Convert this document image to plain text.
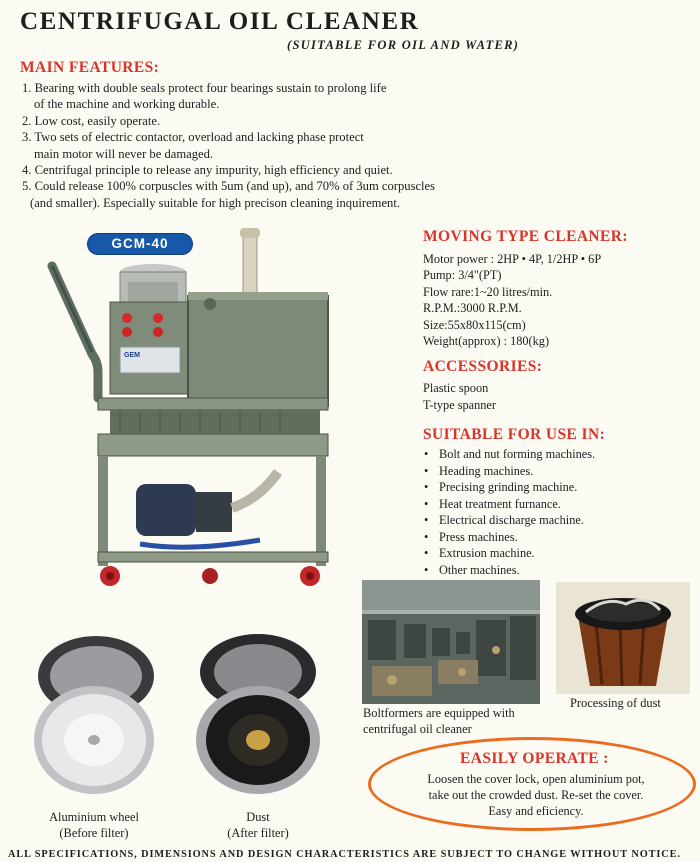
CENTRIFUGAL OIL CLEANER
(SUITABLE FOR OIL AND WATER)
MAIN FEATURES:
1. Bearing with double seals protect four bearings sustain to prolong life
of the machine and working durable.
2. Low cost, easily operate.
3. Two sets of electric contactor, overload and lacking phase protect
main motor will never be damaged.
4. Centrifugal principle to release any impurity, high efficiency and quiet.
5. Could release 100% corpuscles with 5um (and up), and 70% of 3um corpuscles
(and smaller). Especially suitable for high precison cleaning inquirement.
GCM-40
GEM
MOVING TYPE CLEANER:
Motor power : 2HP • 4P, 1/2HP • 6P
Pump: 3/4"(PT)
Flow rare:1~20 litres/min.
R.P.M.:3000 R.P.M.
Size:55x80x115(cm)
Weight(approx) : 180(kg)
ACCESSORIES:
Plastic spoon
T-type spanner
SUITABLE FOR USE IN:
• Bolt and nut forming machines.
• Heading machines.
• Precising grinding machine.
• Heat treatment furnance.
• Electrical discharge machine.
• Press machines.
• Extrusion machine.
• Other machines.
Boltformers are equipped with
centrifugal oil cleaner
Processing of dust
Aluminium wheel
(Before filter)
Dust
(After filter)
EASILY OPERATE :
Loosen the cover lock, open aluminium pot,
take out the crowded dust. Re-set the cover.
Easy and eficiency.
ALL SPECIFICATIONS, DIMENSIONS AND DESIGN CHARACTERISTICS ARE SUBJECT TO CHANGE WITHOUT NOTICE.
